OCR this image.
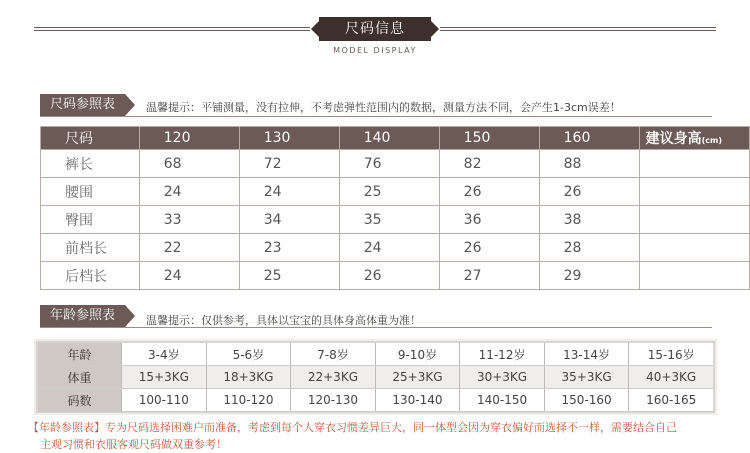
尺码信息
MODEL DISPLAY
尺码参照表	温馨提示：平铺测量，没有拉伸，不考虑弹性范围内的数据，测量方法不同，会产生1-3cm误差！
尺码	120	130	140	150	160	建议身高(cm)
裤长	68	72	76	82	88	
腰围	24	24	25	26	26	
臀围	33	34	35	36	38	
前档长	22	23	24	26	28	
后档长	24	25	26	27	29	
年龄参照表	温馨提示：仅供参考，具体以宝宝的具体身高体重为准！
年龄	3-4岁	5-6岁	7-8岁	9-10岁	11-12岁	13-14岁	15-16岁
体重	15+3KG	18+3KG	22+3KG	25+3KG	30+3KG	35+3KG	40+3KG
码数	100-110	110-120	120-130	130-140	140-150	150-160	160-165
【年龄参照表】专为尺码选择困难户而准备，考虑到每个人穿衣习惯差异巨大，同一体型会因为穿衣偏好而选择不一样，需要结合自己
主观习惯和衣服客观尺码做双重参考！
